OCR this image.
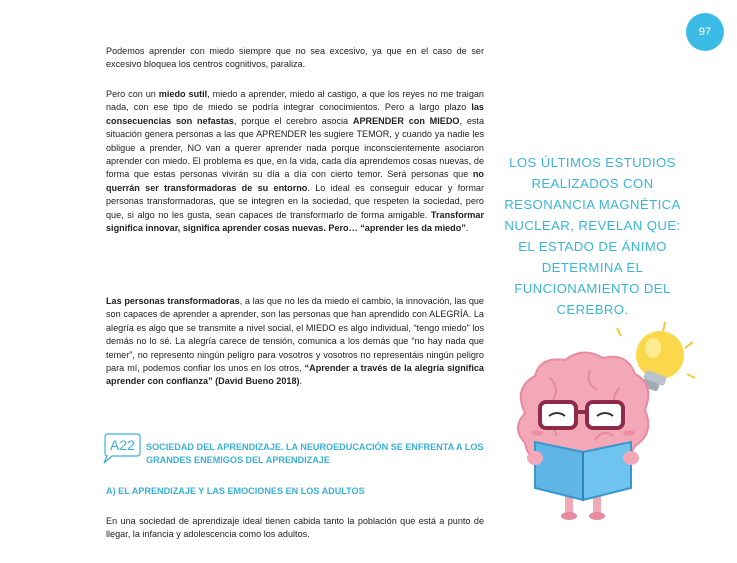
97

Podemos aprender con miedo siempre que no sea excesivo, ya que en el caso de ser excesivo bloquea los centros cognitivos, paraliza.

Pero con un miedo sutil, miedo a aprender, miedo al castigo, a que los reyes no me traigan nada, con ese tipo de miedo se podría integrar conocimientos. Pero a largo plazo las consecuencias son nefastas, porque el cerebro asocia APRENDER con MIEDO, esta situación genera personas a las que APRENDER les sugiere TEMOR, y cuando ya nadie les obligue a prender, NO van a querer aprender nada porque inconscientemente asociaron aprender con miedo. El problema es que, en la vida, cada día aprendemos cosas nuevas, de forma que estas personas vivirán su día a día con cierto temor. Será personas que no querrán ser transformadoras de su entorno. Lo ideal es conseguir educar y formar personas transformadoras, que se integren en la sociedad, que respeten la sociedad, pero que, si algo no les gusta, sean capaces de transformarlo de forma amigable. Transformar significa innovar, significa aprender cosas nuevas. Pero… “aprender les da miedo”.

Las personas transformadoras, a las que no les da miedo el cambio, la innovación, las que son capaces de aprender a aprender, son las personas que han aprendido con ALEGRÍA. La alegría es algo que se transmite a nivel social, el MIEDO es algo individual, “tengo miedo” los demás no lo sé. La alegría carece de tensión, comunica a los demás que “no hay nada que temer”, no represento ningún peligro para vosotros y vosotros no representáis ningún peligro para mí, podemos confiar los unos en los otros, “Aprender a través de la alegría significa aprender con confianza” (David Bueno 2018).

A22 SOCIEDAD DEL APRENDIZAJE. LA NEUROEDUCACIÓN SE ENFRENTA A LOS GRANDES ENEMIGOS DEL APRENDIZAJE
A) EL APRENDIZAJE Y LAS EMOCIONES EN LOS ADULTOS

En una sociedad de aprendizaje ideal tienen cabida tanto la población que está a punto de llegar, la infancia y adolescencia como los adultos.

LOS ÚLTIMOS ESTUDIOS REALIZADOS CON RESONANCIA MAGNÉTICA NUCLEAR, REVELAN QUE: EL ESTADO DE ÁNIMO DETERMINA EL FUNCIONAMIENTO DEL CEREBRO.
